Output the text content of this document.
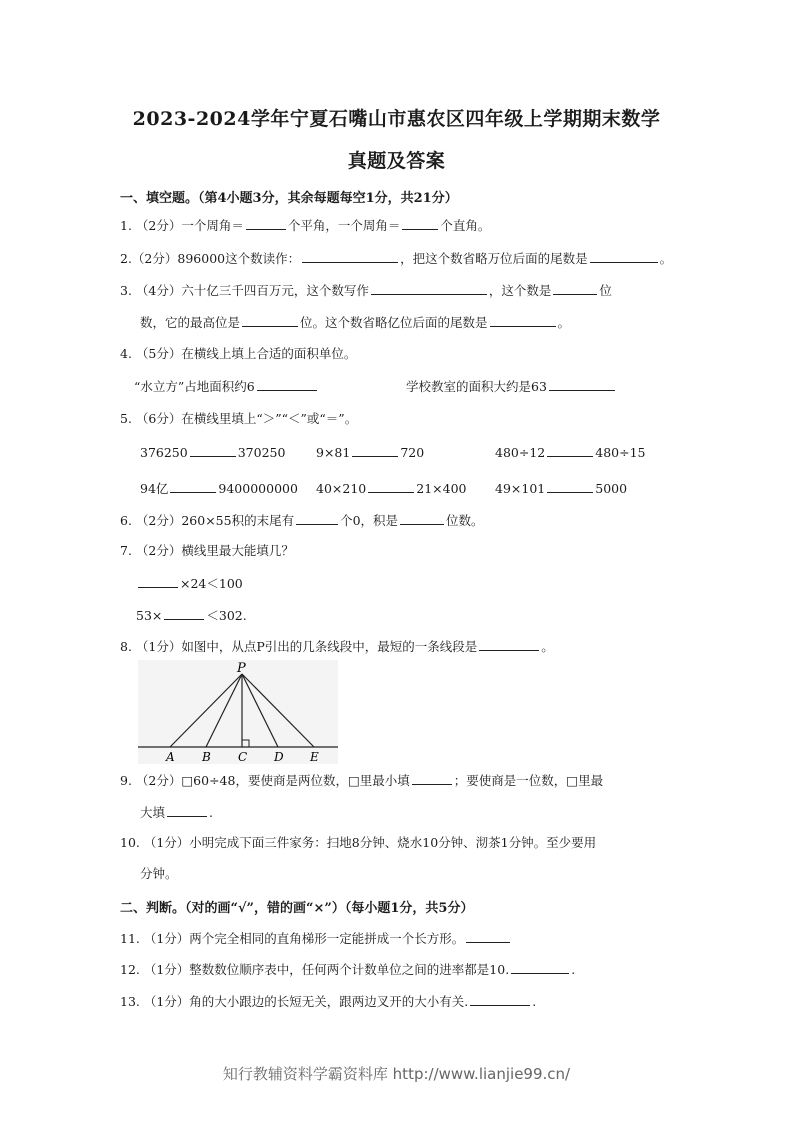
2023-2024学年宁夏石嘴山市惠农区四年级上学期期末数学
真题及答案
一、填空题。（第4小题3分，其余每题每空1分，共21分）
1. （2分）一个周角＝	个平角，一个周角＝	个直角。
2.（2分）896000这个数读作：	，把这个数省略万位后面的尾数是	。
3. （4分）六十亿三千四百万元，这个数写作	，这个数是	位
数，它的最高位是	位。这个数省略亿位后面的尾数是	。
4. （5分）在横线上填上合适的面积单位。
“水立方”占地面积约6	学校教室的面积大约是63
5. （6分）在横线里填上“＞”“＜”或“＝”。
376250	370250 9×81	720	480÷12	480÷15
94亿	9400000000 40×210	21×400 49×101	5000
6. （2分）260×55积的末尾有	个0，积是	位数。
7. （2分）横线里最大能填几？
×24＜100
53×	＜302.
8. （1分）如图中，从点P引出的几条线段中，最短的一条线段是	。
P
A B C D E
9. （2分）□60÷48，要使商是两位数，□里最小填	；要使商是一位数，□里最
大填	.
10. （1分）小明完成下面三件家务：扫地8分钟、烧水10分钟、沏茶1分钟。至少要用
分钟。
二、判断。（对的画“√”，错的画“×”）（每小题1分，共5分）
11. （1分）两个完全相同的直角梯形一定能拼成一个长方形。
12. （1分）整数数位顺序表中，任何两个计数单位之间的进率都是10.	.
13. （1分）角的大小跟边的长短无关，跟两边叉开的大小有关.	.
知行教辅资料学霸资料库 http://www.lianjie99.cn/
